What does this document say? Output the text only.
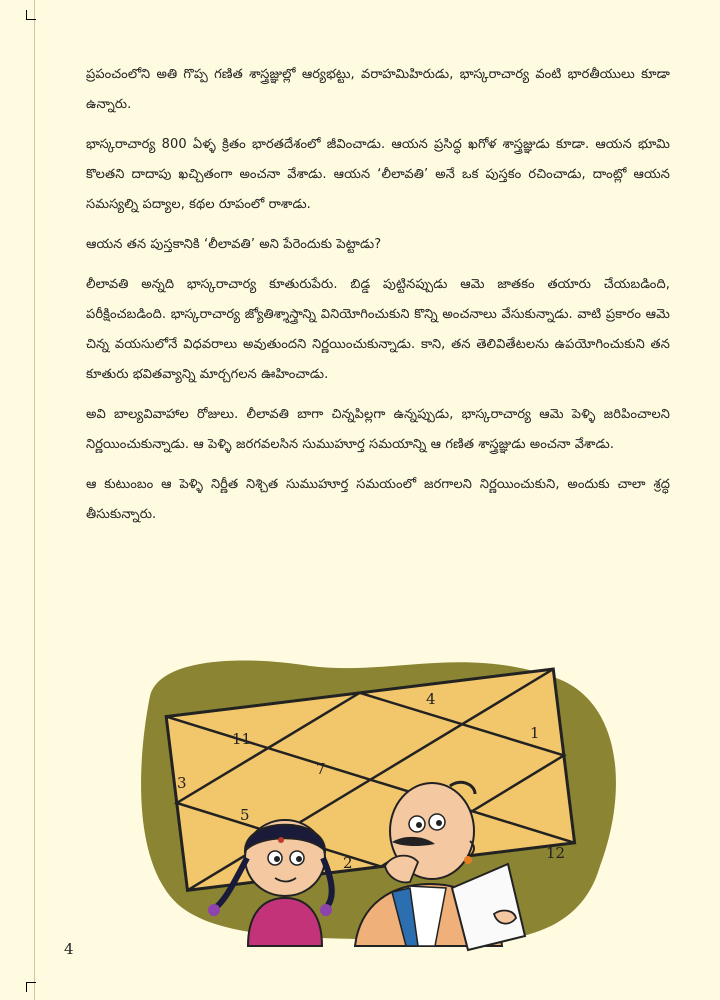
ప్రపంచంలోని అతి గొప్ప గణిత శాస్త్రజ్ఞుల్లో ఆర్యభట్టు, వరాహమిహిరుడు, భాస్కరాచార్య వంటి భారతీయులు కూడా ఉన్నారు.

భాస్కరాచార్య 800 ఏళ్ళ క్రితం భారతదేశంలో జీవించాడు. ఆయన ప్రసిద్ధ ఖగోళ శాస్త్రజ్ఞుడు కూడా. ఆయన భూమి కొలతని దాదాపు ఖచ్చితంగా అంచనా వేశాడు. ఆయన ‘లీలావతి’ అనే ఒక పుస్తకం రచించాడు, దాంట్లో ఆయన సమస్యల్ని పద్యాల, కథల రూపంలో రాశాడు.

ఆయన తన పుస్తకానికి ‘లీలావతి’ అని పేరెందుకు పెట్టాడు?

లీలావతి అన్నది భాస్కరాచార్య కూతురుపేరు. బిడ్డ పుట్టినప్పుడు ఆమె జాతకం తయారు చేయబడింది, పరీక్షించబడింది. భాస్కరాచార్య జ్యోతిశ్శాస్త్రాన్ని వినియోగించుకుని కొన్ని అంచనాలు వేసుకున్నాడు. వాటి ప్రకారం ఆమె చిన్న వయసులోనే విధవరాలు అవుతుందని నిర్ణయించుకున్నాడు. కాని, తన తెలివితేటలను ఉపయోగించుకుని తన కూతురు భవితవ్యాన్ని మార్చగలన ఊహించాడు.

అవి బాల్యవివాహాల రోజులు. లీలావతి బాగా చిన్నపిల్లగా ఉన్నప్పుడు, భాస్కరాచార్య ఆమె పెళ్ళి జరిపించాలని నిర్ణయించుకున్నాడు. ఆ పెళ్ళి జరగవలసిన సుముహూర్త సమయాన్ని ఆ గణిత శాస్త్రజ్ఞుడు అంచనా వేశాడు.

ఆ కుటుంబం ఆ పెళ్ళి నిర్ణీత నిశ్చిత సుముహూర్త సమయంలో జరగాలని నిర్ణయించుకుని, అందుకు చాలా శ్రద్ధ తీసుకున్నారు.

4
11	1
7
3
5
2
12
4
